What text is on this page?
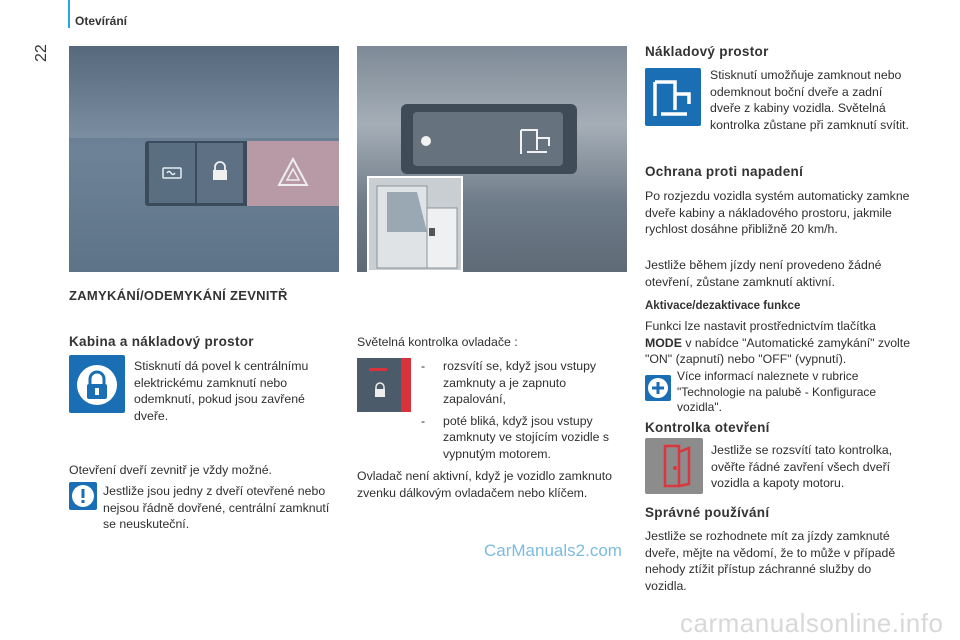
Otevírání
22
ZAMYKÁNÍ/ODEMYKÁNÍ ZEVNITŘ
Kabina a nákladový prostor

Stisknutí dá povel k centrálnímu elektrickému zamknutí nebo odemknutí, pokud jsou zavřené dveře.

Otevření dveří zevnitř je vždy možné.

Jestliže jsou jedny z dveří otevřené nebo nejsou řádně dovřené, centrální zamknutí se neuskuteční.

Světelná kontrolka ovladače :

- rozsvítí se, když jsou vstupy zamknuty a je zapnuto zapalování,

- poté bliká, když jsou vstupy zamknuty ve stojícím vozidle s vypnutým motorem.

Ovladač není aktivní, když je vozidlo zamknuto zvenku dálkovým ovladačem nebo klíčem.

Nákladový prostor

Stisknutí umožňuje zamknout nebo odemknout boční dveře a zadní dveře z kabiny vozidla. Světelná kontrolka zůstane při zamknutí svítit.

Ochrana proti napadení

Po rozjezdu vozidla systém automaticky zamkne dveře kabiny a nákladového prostoru, jakmile rychlost dosáhne přibližně 20 km/h.

Jestliže během jízdy není provedeno žádné otevření, zůstane zamknutí aktivní.

Aktivace/dezaktivace funkce

Funkci lze nastavit prostřednictvím tlačítka
MODE v nabídce "Automatické zamykání" zvolte "ON" (zapnutí) nebo "OFF" (vypnutí).

Více informací naleznete v rubrice "Technologie na palubě - Konfigurace vozidla".

Kontrolka otevření

Jestliže se rozsvítí tato kontrolka, ověřte řádné zavření všech dveří vozidla a kapoty motoru.

Správné používání

Jestliže se rozhodnete mít za jízdy zamknuté dveře, mějte na vědomí, že to může v případě nehody ztížit přístup záchranné služby do vozidla.

CarManuals2.com
carmanualsonline.info
